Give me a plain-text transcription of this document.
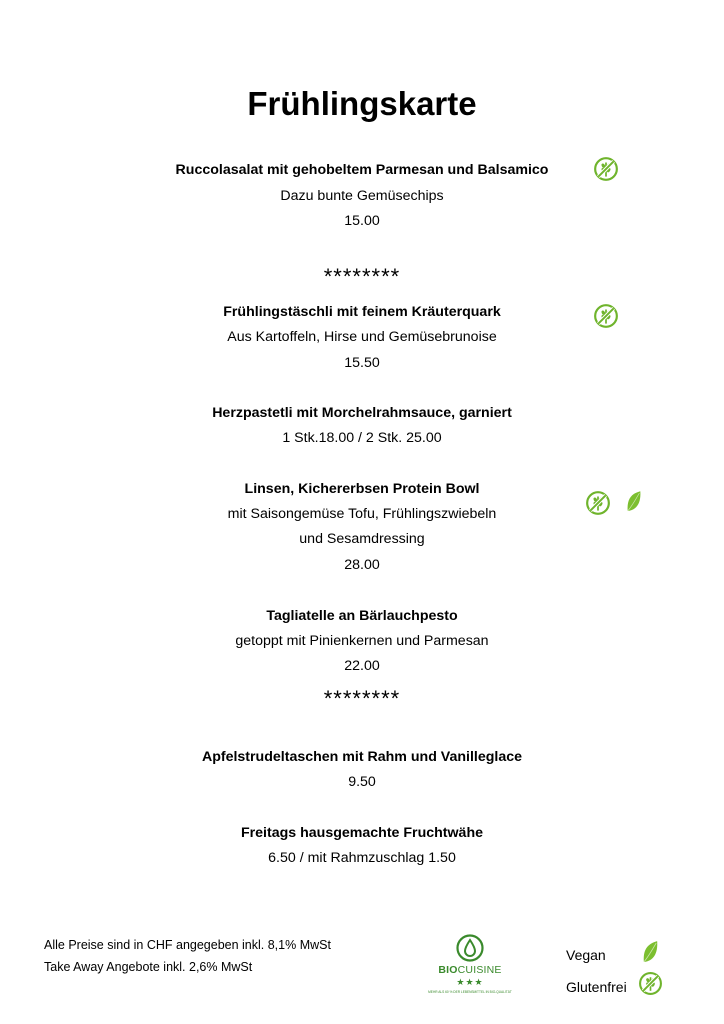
Frühlingskarte
Ruccolasalat mit gehobeltem Parmesan und Balsamico
Dazu bunte Gemüsechips
15.00
********
Frühlingstäschli mit feinem Kräuterquark
Aus Kartoffeln, Hirse und Gemüsebrunoise
15.50
Herzpastetli mit Morchelrahmsauce, garniert
1 Stk.18.00 / 2 Stk. 25.00
Linsen, Kichererbsen Protein Bowl
mit Saisongemüse Tofu, Frühlingszwiebeln
und Sesamdressing
28.00
Tagliatelle an Bärlauchpesto
getoppt mit Pinienkernen und Parmesan
22.00
********
Apfelstrudeltaschen mit Rahm und Vanilleglace
9.50
Freitags hausgemachte Fruchtwähe
6.50 / mit Rahmzuschlag 1.50
Alle Preise sind in CHF angegeben inkl. 8,1% MwSt
Take Away Angebote inkl. 2,6% MwSt	BIOCUISINE
★★★
MEHR ALS 60 % DER LEBENSMITTEL IN BIO-QUALITÄT
Vegan
Glutenfrei
